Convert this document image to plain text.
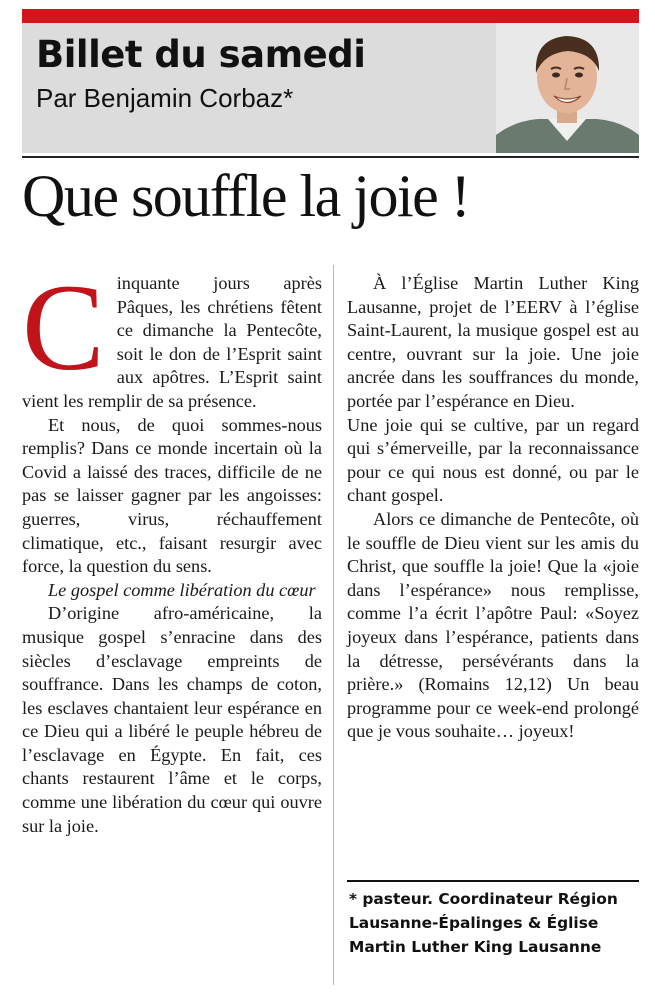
Billet du samedi
Par Benjamin Corbaz*
Que souffle la joie !

Cinquante jours après Pâques, les chrétiens fêtent ce dimanche la Pentecôte, soit le don de l’Esprit saint aux apôtres. L’Esprit saint vient les remplir de sa présence.

Et nous, de quoi sommes-nous remplis? Dans ce monde incertain où la Covid a laissé des traces, difficile de ne pas se laisser gagner par les angoisses: guerres, virus, réchauffement climatique, etc., faisant resurgir avec force, la question du sens.

Le gospel comme libération du cœur

D’origine afro-américaine, la musique gospel s’enracine dans des siècles d’esclavage empreints de souffrance. Dans les champs de coton, les esclaves chantaient leur espérance en ce Dieu qui a libéré le peuple hébreu de l’esclavage en Égypte. En fait, ces chants restaurent l’âme et le corps, comme une libération du cœur qui ouvre sur la joie.

À l’Église Martin Luther King Lausanne, projet de l’EERV à l’église Saint-Laurent, la musique gospel est au centre, ouvrant sur la joie. Une joie ancrée dans les souffrances du monde, portée par l’espérance en Dieu.

Une joie qui se cultive, par un regard qui s’émerveille, par la reconnaissance pour ce qui nous est donné, ou par le chant gospel.

Alors ce dimanche de Pentecôte, où le souffle de Dieu vient sur les amis du Christ, que souffle la joie! Que la «joie dans l’espérance» nous remplisse, comme l’a écrit l’apôtre Paul: «Soyez joyeux dans l’espérance, patients dans la détresse, persévérants dans la prière.» (Romains 12,12) Un beau programme pour ce week-end prolongé que je vous souhaite… joyeux!

* pasteur. Coordinateur Région Lausanne-Épalinges & Église Martin Luther King Lausanne
